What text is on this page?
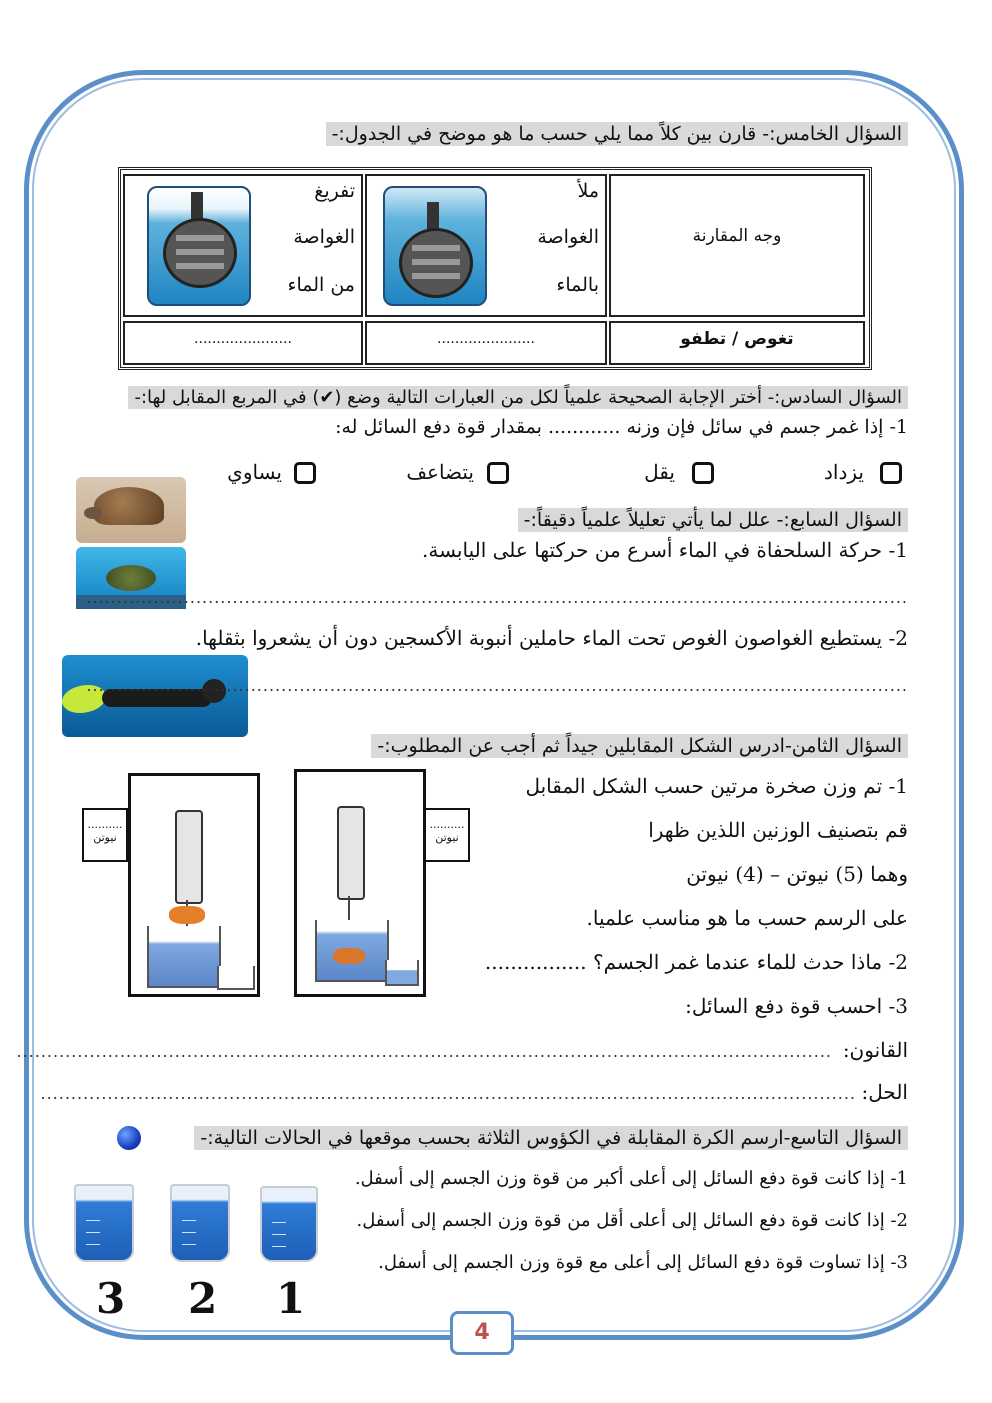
السؤال الخامس:- قارن بين كلاً مما يلي حسب ما هو موضح في الجدول:-
وجه المقارنة
ملأ
الغواصة
بالماء
تفريغ
الغواصة
من الماء
تغوص / تطفو
......................
......................
السؤال السادس:- أختر الإجابة الصحيحة علمياً لكل من العبارات التالية وضع (✔) في المربع المقابل لها:-
1- إذا غمر جسم في سائل فإن وزنه ............ بمقدار قوة دفع السائل له:
يزداد
يقل
يتضاعف
يساوي
السؤال السابع:- علل لما يأتي تعليلاً علمياً دقيقاً:-
1- حركة السلحفاة في الماء أسرع من حركتها على اليابسة.
.......................................................................................................................................
2- يستطيع الغواصون الغوص تحت الماء حاملين أنبوبة الأكسجين دون أن يشعروا بثقلها.
.......................................................................................................................................
السؤال الثامن-ادرس الشكل المقابلين جيداً ثم أجب عن المطلوب:-
..........
نيوتن
..........
نيوتن
1- تم وزن صخرة مرتين حسب الشكل المقابل
قم بتصنيف الوزنين اللذين ظهرا
وهما (5) نيوتن – (4) نيوتن
على الرسم حسب ما هو مناسب علميا.
2- ماذا حدث للماء عندما غمر الجسم؟ ................
3- احسب قوة دفع السائل:
القانون:
......................................................................................................................................
الحل:
......................................................................................................................................
السؤال التاسع-ارسم الكرة المقابلة في الكؤوس الثلاثة بحسب موقعها في الحالات التالية:-
1- إذا كانت قوة دفع السائل إلى أعلى أكبر من قوة وزن الجسم إلى أسفل.
2- إذا كانت قوة دفع السائل إلى أعلى أقل من قوة وزن الجسم إلى أسفل.
3- إذا تساوت قوة دفع السائل إلى أعلى مع قوة وزن الجسم إلى أسفل.
3 2 1
4
